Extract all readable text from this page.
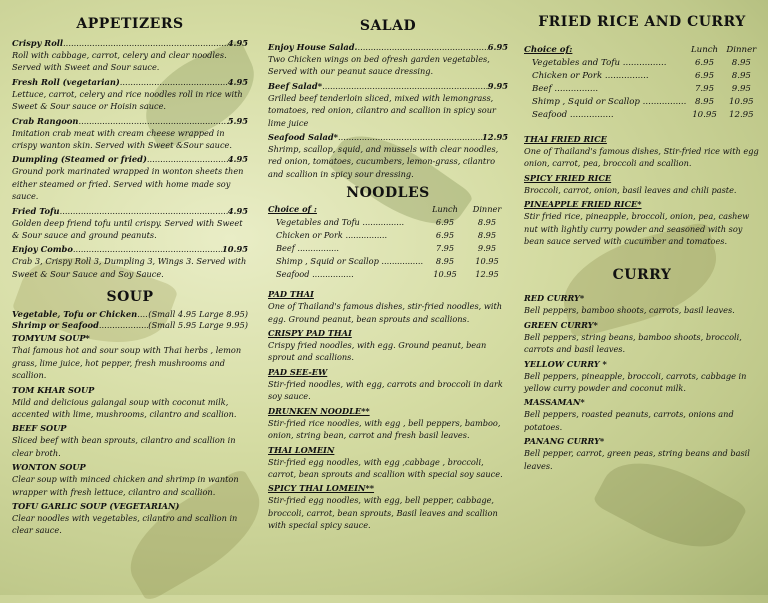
APPETIZERS
Crispy Roll .....	4.95
Roll with cabbage, carrot, celery and clear noodles. Served with Sweet and Sour sauce.
Fresh Roll (vegetarian) .....	4.95
Lettuce, carrot, celery and rice noodles roll in rice with Sweet & Sour sauce or Hoisin sauce.
Crab Rangoon .....	5.95
Imitation crab meat with cream cheese wrapped in crispy wanton skin. Served with Sweet &Sour sauce.
Dumpling (Steamed or fried) .....	4.95
Ground pork marinated wrapped in wonton sheets then either steamed or fried. Served with home made soy sauce.
Fried Tofu .....	4.95
Golden deep friend tofu until crispy. Served with Sweet & Sour sauce and ground peanuts.
Enjoy Combo .....	10.95
Crab 3, Crispy Roll 3, Dumpling 3, Wings 3. Served with Sweet & Sour Sauce and Soy Sauce.
SOUP
Vegetable, Tofu or Chicken ..... (Small 4.95 Large 8.95)
Shrimp or Seafood .....	(Small 5.95 Large 9.95)
TOMYUM SOUP*
Thai famous hot and sour soup with Thai herbs , lemon grass, lime juice, hot pepper, fresh mushrooms and scallion.
TOM KHAR SOUP
Mild and delicious galangal soup with coconut milk, accented with lime, mushrooms, cilantro and scallion.
BEEF SOUP
Sliced beef with bean sprouts, cilantro and scallion in clear broth.
WONTON SOUP
Clear soup with minced chicken and shrimp in wanton wrapper with fresh lettuce, cilantro and scallion.
TOFU GARLIC SOUP (VEGETARIAN)
Clear noodles with vegetables, cilantro and scallion in clear sauce.
SALAD
Enjoy House Salad. .....	6.95
Two Chicken wings on bed ofresh garden vegetables, Served with our peanut sauce dressing.
Beef Salad* .....	9.95
Grilled beef tenderloin sliced, mixed with lemongrass, tomatoes, red onion, cilantro and scallion in spicy sour lime juice
Seafood Salad* .....	12.95
Shrimp, scallop, squid, and mussels with clear noodles, red onion, tomatoes, cucumbers, lemon-grass, cilantro and scallion in spicy sour dressing.
NOODLES
Choice of :	Lunch	Dinner
Vegetables and Tofu .....	6.95	8.95
Chicken or Pork .....	6.95	8.95
Beef .....	7.95	9.95
Shimp , Squid or Scallop .....	8.95	10.95
Seafood .....	10.95	12.95
PAD THAI
One of Thailand's famous dishes, stir-fried noodles, with egg. Ground peanut, bean sprouts and scallions.
CRISPY PAD THAI
Crispy fried noodles, with egg. Ground peanut, bean sprout and scallions.
PAD SEE-EW
Stir-fried noodles, with egg, carrots and broccoli in dark soy sauce.
DRUNKEN NOODLE**
Stir-fried rice noodles, with egg , bell peppers, bamboo, onion, string bean, carrot and fresh basil leaves.
THAI LOMEIN
Stir-fried egg noodles, with egg ,cabbage , broccoli, carrot, bean sprouts and scallion with special soy sauce.
SPICY THAI LOMEIN**
Stir-fried egg noodles, with egg, bell pepper, cabbage, broccoli, carrot, bean sprouts, Basil leaves and scallion with special spicy sauce.
FRIED RICE AND CURRY
Choice of:	Lunch	Dinner
Vegetables and Tofu .....	6.95	8.95
Chicken or Pork .....	6.95	8.95
Beef .....	7.95	9.95
Shimp , Squid or Scallop .....	8.95	10.95
Seafood .....	10.95	12.95
THAI FRIED RICE
One of Thailand's famous dishes, Stir-fried rice with egg onion, carrot, pea, broccoli and scallion.
SPICY FRIED RICE
Broccoli, carrot, onion, basil leaves and chili paste.
PINEAPPLE FRIED RICE*
Stir fried rice, pineapple, broccoli, onion, pea, cashew nut with lightly curry powder and seasoned with soy bean sauce served with cucumber and tomatoes.
CURRY
RED CURRY*
Bell peppers, bamboo shoots, carrots, basil leaves.
GREEN CURRY*
Bell peppers, string beans, bamboo shoots, broccoli, carrots and basil leaves.
YELLOW CURRY *
Bell peppers, pineapple, broccoli, carrots, cabbage in yellow curry powder and coconut milk.
MASSAMAN*
Bell peppers, roasted peanuts, carrots, onions and potatoes.
PANANG CURRY*
Bell pepper, carrot, green peas, string beans and basil leaves.
